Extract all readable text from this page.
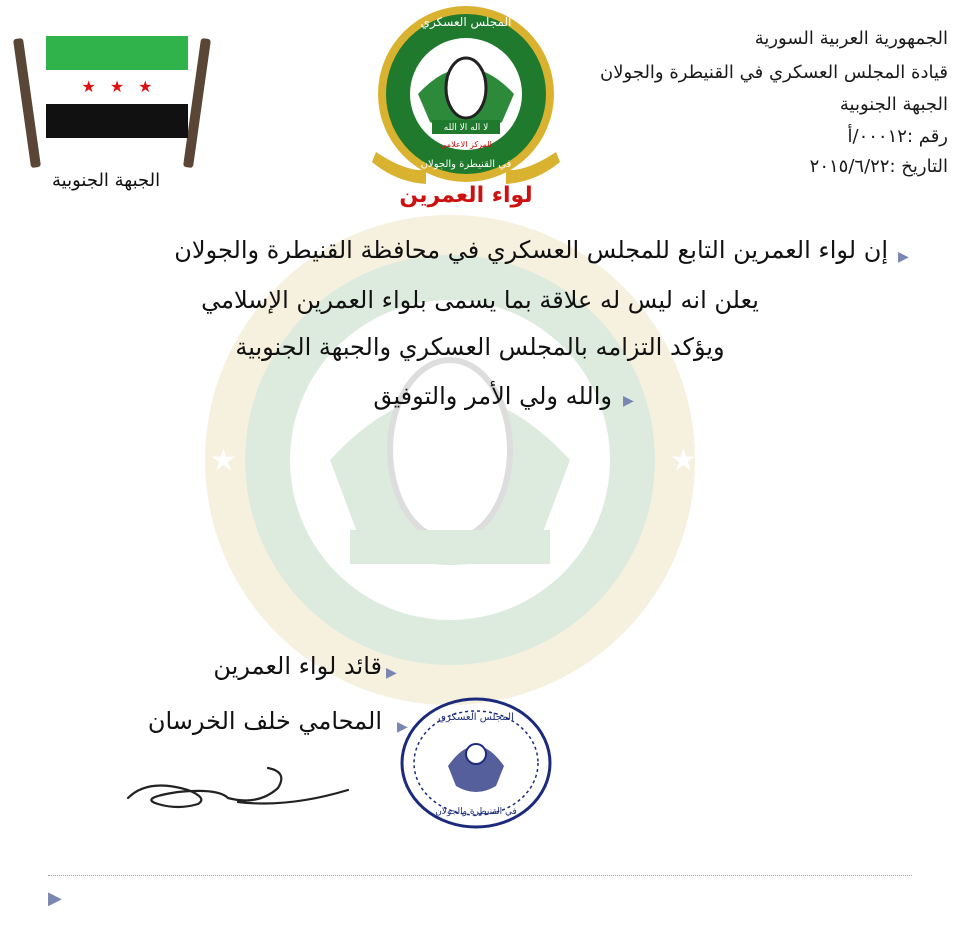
★	★
الجمهورية العربية السورية
قيادة المجلس العسكري في القنيطرة والجولان
الجبهة الجنوبية
رقم :٠٠٠١٢/أ
التاريخ :٢٠١٥/٦/٢٢
★ ★ ★
الجبهة الجنوبية
لا اله الا الله
المركز الاعلامي
المجلس العسكري
في القنيطرة والجولان
لواء العمرين
▶
إن لواء العمرين التابع للمجلس العسكري في محافظة القنيطرة والجولان
يعلن انه ليس له علاقة بما يسمى بلواء العمرين الإسلامي
ويؤكد التزامه بالمجلس العسكري والجبهة الجنوبية
▶
والله ولي الأمر والتوفيق
▶
قائد لواء العمرين
▶
المحامي خلف الخرسان	المجلس العسكري
في القنيطرة والجولان
▶
